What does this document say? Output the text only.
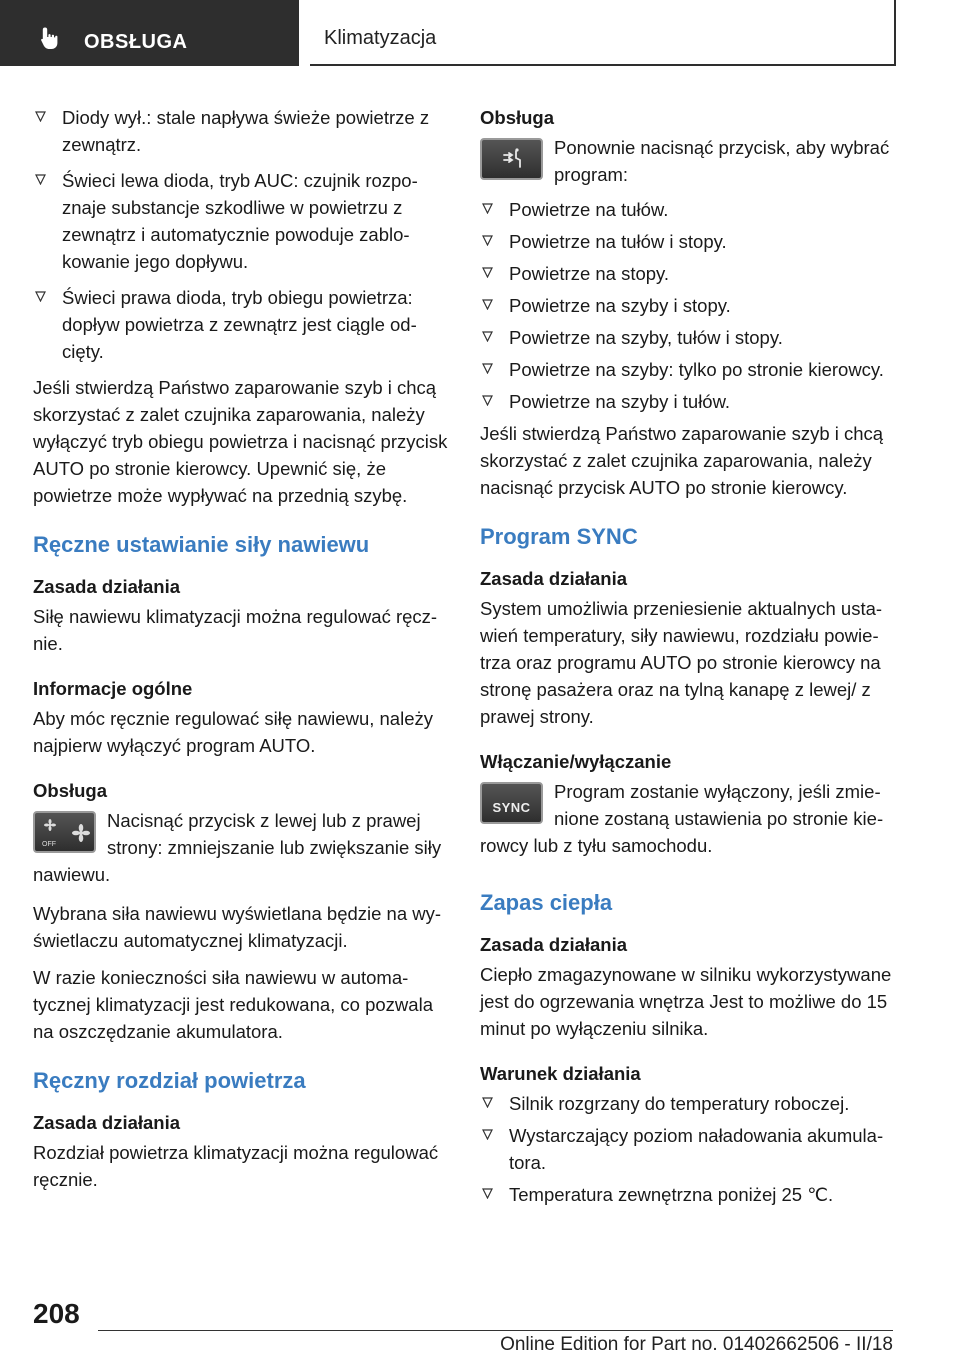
OBSŁUGA	Klimatyzacja
Diody wył.: stale napływa świeże powietrze z zewnątrz.
Świeci lewa dioda, tryb AUC: czujnik rozpoznaje substancje szkodliwe w powietrzu z zewnątrz i automatycznie powoduje zablokowanie jego dopływu.
Świeci prawa dioda, tryb obiegu powietrza: dopływ powietrza z zewnątrz jest ciągle odcięty.

Jeśli stwierdzą Państwo zaparowanie szyb i chcą skorzystać z zalet czujnika zaparowania, należy wyłączyć tryb obiegu powietrza i nacisnąć przycisk AUTO po stronie kierowcy. Upewnić się, że powietrze może wypływać na przednią szybę.

Ręczne ustawianie siły nawiewu
Zasada działania

Siłę nawiewu klimatyzacji można regulować ręcznie.

Informacje ogólne

Aby móc ręcznie regulować siłę nawiewu, należy najpierw wyłączyć program AUTO.

Obsługa
OFF
Nacisnąć przycisk z lewej lub z prawej strony: zmniejszanie lub zwiększanie siły nawiewu.

Wybrana siła nawiewu wyświetlana będzie na wyświetlaczu automatycznej klimatyzacji.

W razie konieczności siła nawiewu w automatycznej klimatyzacji jest redukowana, co pozwala na oszczędzanie akumulatora.

Ręczny rozdział powietrza
Zasada działania

Rozdział powietrza klimatyzacji można regulować ręcznie.

Obsługa
Ponownie nacisnąć przycisk, aby wybrać program:
Powietrze na tułów.
Powietrze na tułów i stopy.
Powietrze na stopy.
Powietrze na szyby i stopy.
Powietrze na szyby, tułów i stopy.
Powietrze na szyby: tylko po stronie kierowcy.
Powietrze na szyby i tułów.

Jeśli stwierdzą Państwo zaparowanie szyb i chcą skorzystać z zalet czujnika zaparowania, należy nacisnąć przycisk AUTO po stronie kierowcy.

Program SYNC
Zasada działania

System umożliwia przeniesienie aktualnych ustawień temperatury, siły nawiewu, rozdziału powietrza oraz programu AUTO po stronie kierowcy na stronę pasażera oraz na tylną kanapę z lewej/ z prawej strony.

Włączanie/wyłączanie
SYNC
Program zostanie wyłączony, jeśli zmienione zostaną ustawienia po stronie kierowcy lub z tyłu samochodu.
Zapas ciepła
Zasada działania

Ciepło zmagazynowane w silniku wykorzystywane jest do ogrzewania wnętrza Jest to możliwe do 15 minut po wyłączeniu silnika.

Warunek działania
Silnik rozgrzany do temperatury roboczej.
Wystarczający poziom naładowania akumulatora.
Temperatura zewnętrzna poniżej 25 ℃.
208
Online Edition for Part no. 01402662506 - II/18
